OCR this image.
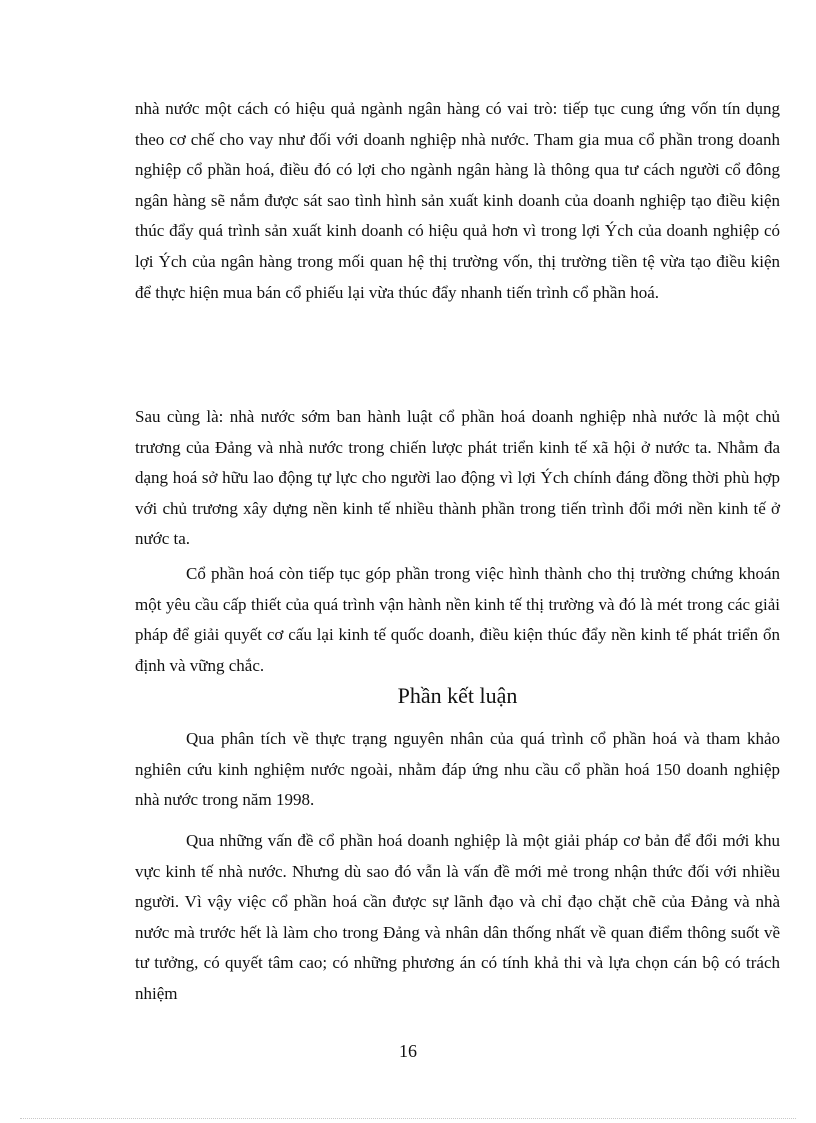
nhà nước một cách có hiệu quả ngành ngân hàng có vai trò: tiếp tục cung ứng vốn tín dụng theo cơ chế cho vay như đối với doanh nghiệp nhà nước. Tham gia mua cổ phần trong doanh nghiệp cổ phần hoá, điều đó có lợi cho ngành ngân hàng là thông qua tư cách người cổ đông ngân hàng sẽ nắm được sát sao tình hình sản xuất kinh doanh của doanh nghiệp tạo điều kiện thúc đẩy quá trình sản xuất kinh doanh có hiệu quả hơn vì trong lợi Ých của doanh nghiệp có lợi Ých của ngân hàng trong mối quan hệ thị trường vốn, thị trường tiền tệ vừa tạo điều kiện để thực hiện mua bán cổ phiếu lại vừa thúc đẩy nhanh tiến trình cổ phần hoá.

Sau cùng là: nhà nước sớm ban hành luật cổ phần hoá doanh nghiệp nhà nước là một chủ trương của Đảng và nhà nước trong chiến lược phát triển kinh tế xã hội ở nước ta. Nhằm đa dạng hoá sở hữu lao động tự lực cho người lao động vì lợi Ých chính đáng đồng thời phù hợp với chủ trương xây dựng nền kinh tế nhiều thành phần trong tiến trình đổi mới nền kinh tế ở nước ta.

Cổ phần hoá còn tiếp tục góp phần trong việc hình thành cho thị trường chứng khoán một yêu cầu cấp thiết của quá trình vận hành nền kinh tế thị trường và đó là mét trong các giải pháp để giải quyết cơ cấu lại kinh tế quốc doanh, điều kiện thúc đẩy nền kinh tế phát triển ổn định và vững chắc.

Phần kết luận

Qua phân tích về thực trạng nguyên nhân của quá trình cổ phần hoá và tham khảo nghiên cứu kinh nghiệm nước ngoài, nhằm đáp ứng nhu cầu cổ phần hoá 150 doanh nghiệp nhà nước trong năm 1998.

Qua những vấn đề cổ phần hoá doanh nghiệp là một giải pháp cơ bản để đổi mới khu vực kinh tế nhà nước. Nhưng dù sao đó vẫn là vấn đề mới mẻ trong nhận thức đối với nhiều người. Vì vậy việc cổ phần hoá cần được sự lãnh đạo và chỉ đạo chặt chẽ của Đảng và nhà nước mà trước hết là làm cho trong Đảng và nhân dân thống nhất về quan điểm thông suốt về tư tưởng, có quyết tâm cao; có những phương án có tính khả thi và lựa chọn cán bộ có trách nhiệm

16
